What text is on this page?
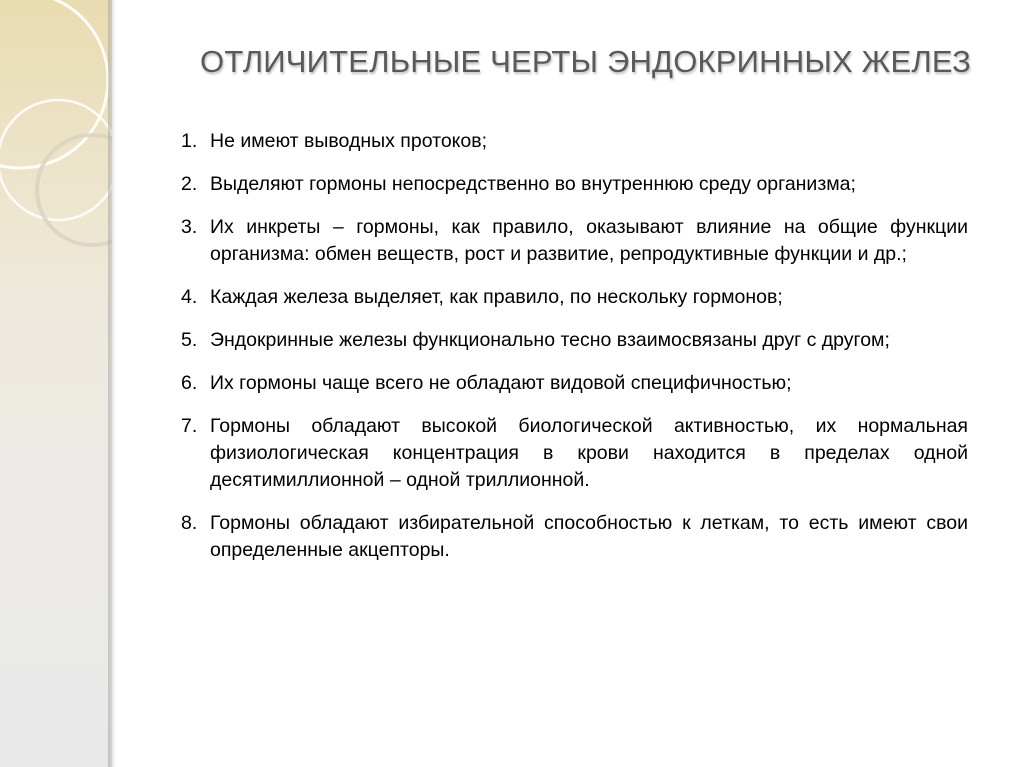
ОТЛИЧИТЕЛЬНЫЕ ЧЕРТЫ ЭНДОКРИННЫХ ЖЕЛЕЗ
1. Не имеют выводных протоков;
2. Выделяют гормоны непосредственно во внутреннюю среду организма;
3. Их инкреты – гормоны, как правило, оказывают влияние на общие функции организма: обмен веществ, рост и развитие, репродуктивные функции и др.;
4. Каждая железа выделяет, как правило, по нескольку гормонов;
5. Эндокринные железы функционально тесно взаимосвязаны друг с другом;
6. Их гормоны чаще всего не обладают видовой специфичностью;
7. Гормоны обладают высокой биологической активностью, их нормальная физиологическая концентрация в крови находится в пределах одной десятимиллионной – одной триллионной.
8. Гормоны обладают избирательной способностью к леткам, то есть имеют свои определенные акцепторы.
